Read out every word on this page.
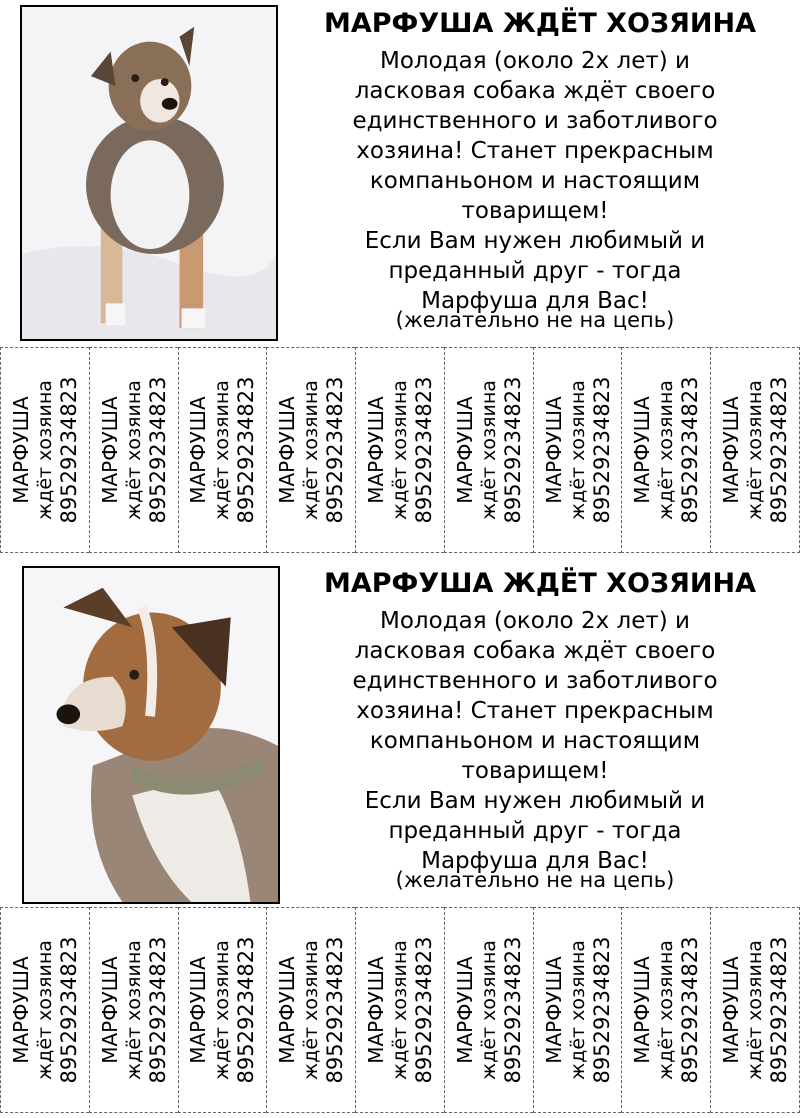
МАРФУША ЖДЁТ ХОЗЯИНА

Молодая (около 2х лет) и
ласковая собака ждёт своего
единственного и заботливого
хозяина! Станет прекрасным
компаньоном и настоящим
товарищем!
Если Вам нужен любимый и
преданный друг - тогда
Марфуша для Вас!

(желательно не на цепь)
МАРФУША ждёт хозяина 89529234823 МАРФУША ждёт хозяина 89529234823 МАРФУША ждёт хозяина 89529234823 МАРФУША ждёт хозяина 89529234823 МАРФУША ждёт хозяина 89529234823 МАРФУША ждёт хозяина 89529234823 МАРФУША ждёт хозяина 89529234823 МАРФУША ждёт хозяина 89529234823 МАРФУША ждёт хозяина 89529234823
МАРФУША ЖДЁТ ХОЗЯИНА

Молодая (около 2х лет) и
ласковая собака ждёт своего
единственного и заботливого
хозяина! Станет прекрасным
компаньоном и настоящим
товарищем!
Если Вам нужен любимый и
преданный друг - тогда
Марфуша для Вас!

(желательно не на цепь)
МАРФУША ждёт хозяина 89529234823 МАРФУША ждёт хозяина 89529234823 МАРФУША ждёт хозяина 89529234823 МАРФУША ждёт хозяина 89529234823 МАРФУША ждёт хозяина 89529234823 МАРФУША ждёт хозяина 89529234823 МАРФУША ждёт хозяина 89529234823 МАРФУША ждёт хозяина 89529234823 МАРФУША ждёт хозяина 89529234823
